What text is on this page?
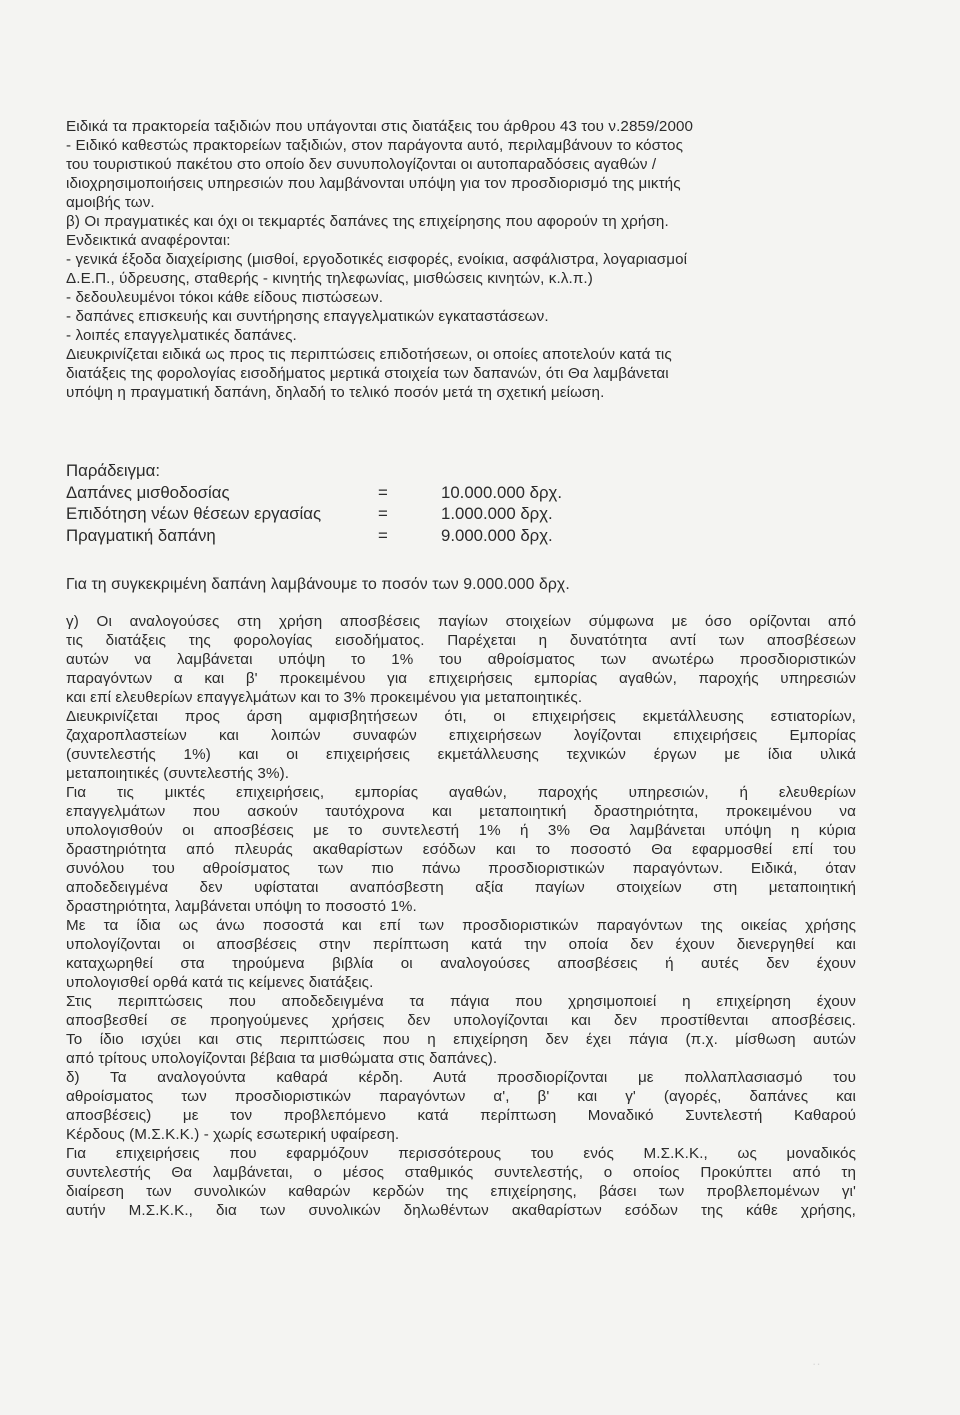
Ειδικά τα πρακτορεία ταξιδιών που υπάγονται στις διατάξεις του άρθρου 43 του ν.2859/2000
- Ειδικό καθεστώς πρακτορείων ταξιδιών, στον παράγοντα αυτό, περιλαμβάνουν το κόστος
του τουριστικού πακέτου στο οποίο δεν συνυπολογίζονται οι αυτοπαραδόσεις αγαθών /
ιδιοχρησιμοποιήσεις υπηρεσιών που λαμβάνονται υπόψη για τον προσδιορισμό της μικτής
αμοιβής των.
β) Οι πραγματικές και όχι οι τεκμαρτές δαπάνες της επιχείρησης που αφορούν τη χρήση.
Ενδεικτικά αναφέρονται:
- γενικά έξοδα διαχείρισης (μισθοί, εργοδοτικές εισφορές, ενοίκια, ασφάλιστρα, λογαριασμοί
Δ.Ε.Π., ύδρευσης, σταθερής - κινητής τηλεφωνίας, μισθώσεις κινητών, κ.λ.π.)
- δεδουλευμένοι τόκοι κάθε είδους πιστώσεων.
- δαπάνες επισκευής και συντήρησης επαγγελματικών εγκαταστάσεων.
- λοιπές επαγγελματικές δαπάνες.
Διευκρινίζεται ειδικά ως προς τις περιπτώσεις επιδοτήσεων, οι οποίες αποτελούν κατά τις
διατάξεις της φορολογίας εισοδήματος μερτικά στοιχεία των δαπανών, ότι Θα λαμβάνεται
υπόψη η πραγματική δαπάνη, δηλαδή το τελικό ποσόν μετά τη σχετική μείωση.
Παράδειγμα:
Δαπάνες μισθοδοσίας	=	10.000.000 δρχ.
Επιδότηση νέων θέσεων εργασίας	=	1.000.000 δρχ.
Πραγματική δαπάνη	=	9.000.000 δρχ.
Για τη συγκεκριμένη δαπάνη λαμβάνουμε το ποσόν των 9.000.000 δρχ.
γ) Οι αναλογούσες στη χρήση αποσβέσεις παγίων στοιχείων σύμφωνα με όσο ορίζονται από
τις διατάξεις της φορολογίας εισοδήματος. Παρέχεται η δυνατότητα αντί των αποσβέσεων
αυτών να λαμβάνεται υπόψη το 1% του αθροίσματος των ανωτέρω προσδιοριστικών
παραγόντων α και β' προκειμένου για επιχειρήσεις εμπορίας αγαθών, παροχής υπηρεσιών
και επί ελευθερίων επαγγελμάτων και το 3% προκειμένου για μεταποιητικές.
Διευκρινίζεται προς άρση αμφισβητήσεων ότι, οι επιχειρήσεις εκμετάλλευσης εστιατορίων,
ζαχαροπλαστείων και λοιπών συναφών επιχειρήσεων λογίζονται επιχειρήσεις Εμπορίας
(συντελεστής 1%) και οι επιχειρήσεις εκμετάλλευσης τεχνικών έργων με ίδια υλικά
μεταποιητικές (συντελεστής 3%).
Για τις μικτές επιχειρήσεις, εμπορίας αγαθών, παροχής υπηρεσιών, ή ελευθερίων
επαγγελμάτων που ασκούν ταυτόχρονα και μεταποιητική δραστηριότητα, προκειμένου να
υπολογισθούν οι αποσβέσεις με το συντελεστή 1% ή 3% Θα λαμβάνεται υπόψη η κύρια
δραστηριότητα από πλευράς ακαθαρίστων εσόδων και το ποσοστό Θα εφαρμοσθεί επί του
συνόλου του αθροίσματος των πιο πάνω προσδιοριστικών παραγόντων. Ειδικά, όταν
αποδεδειγμένα δεν υφίσταται αναπόσβεστη αξία παγίων στοιχείων στη μεταποιητική
δραστηριότητα, λαμβάνεται υπόψη το ποσοστό 1%.
Με τα ίδια ως άνω ποσοστά και επί των προσδιοριστικών παραγόντων της οικείας χρήσης
υπολογίζονται οι αποσβέσεις στην περίπτωση κατά την οποία δεν έχουν διενεργηθεί και
καταχωρηθεί στα τηρούμενα βιβλία οι αναλογούσες αποσβέσεις ή αυτές δεν έχουν
υπολογισθεί ορθά κατά τις κείμενες διατάξεις.
Στις περιπτώσεις που αποδεδειγμένα τα πάγια που χρησιμοποιεί η επιχείρηση έχουν
αποσβεσθεί σε προηγούμενες χρήσεις δεν υπολογίζονται και δεν προστίθενται αποσβέσεις.
Το ίδιο ισχύει και στις περιπτώσεις που η επιχείρηση δεν έχει πάγια (π.χ. μίσθωση αυτών
από τρίτους υπολογίζονται βέβαια τα μισθώματα στις δαπάνες).
δ) Τα αναλογούντα καθαρά κέρδη. Αυτά προσδιορίζονται με πολλαπλασιασμό του
αθροίσματος των προσδιοριστικών παραγόντων α', β' και γ' (αγορές, δαπάνες και
αποσβέσεις) με τον προβλεπόμενο κατά περίπτωση Μοναδικό Συντελεστή Καθαρού
Κέρδους (Μ.Σ.Κ.Κ.) - χωρίς εσωτερική υφαίρεση.
Για επιχειρήσεις που εφαρμόζουν περισσότερους του ενός Μ.Σ.Κ.Κ., ως μοναδικός
συντελεστής Θα λαμβάνεται, ο μέσος σταθμικός συντελεστής, ο οποίος Προκύπτει από τη
διαίρεση των συνολικών καθαρών κερδών της επιχείρησης, βάσει των προβλεπομένων γι'
αυτήν Μ.Σ.Κ.Κ., δια των συνολικών δηλωθέντων ακαθαρίστων εσόδων της κάθε χρήσης,
··
